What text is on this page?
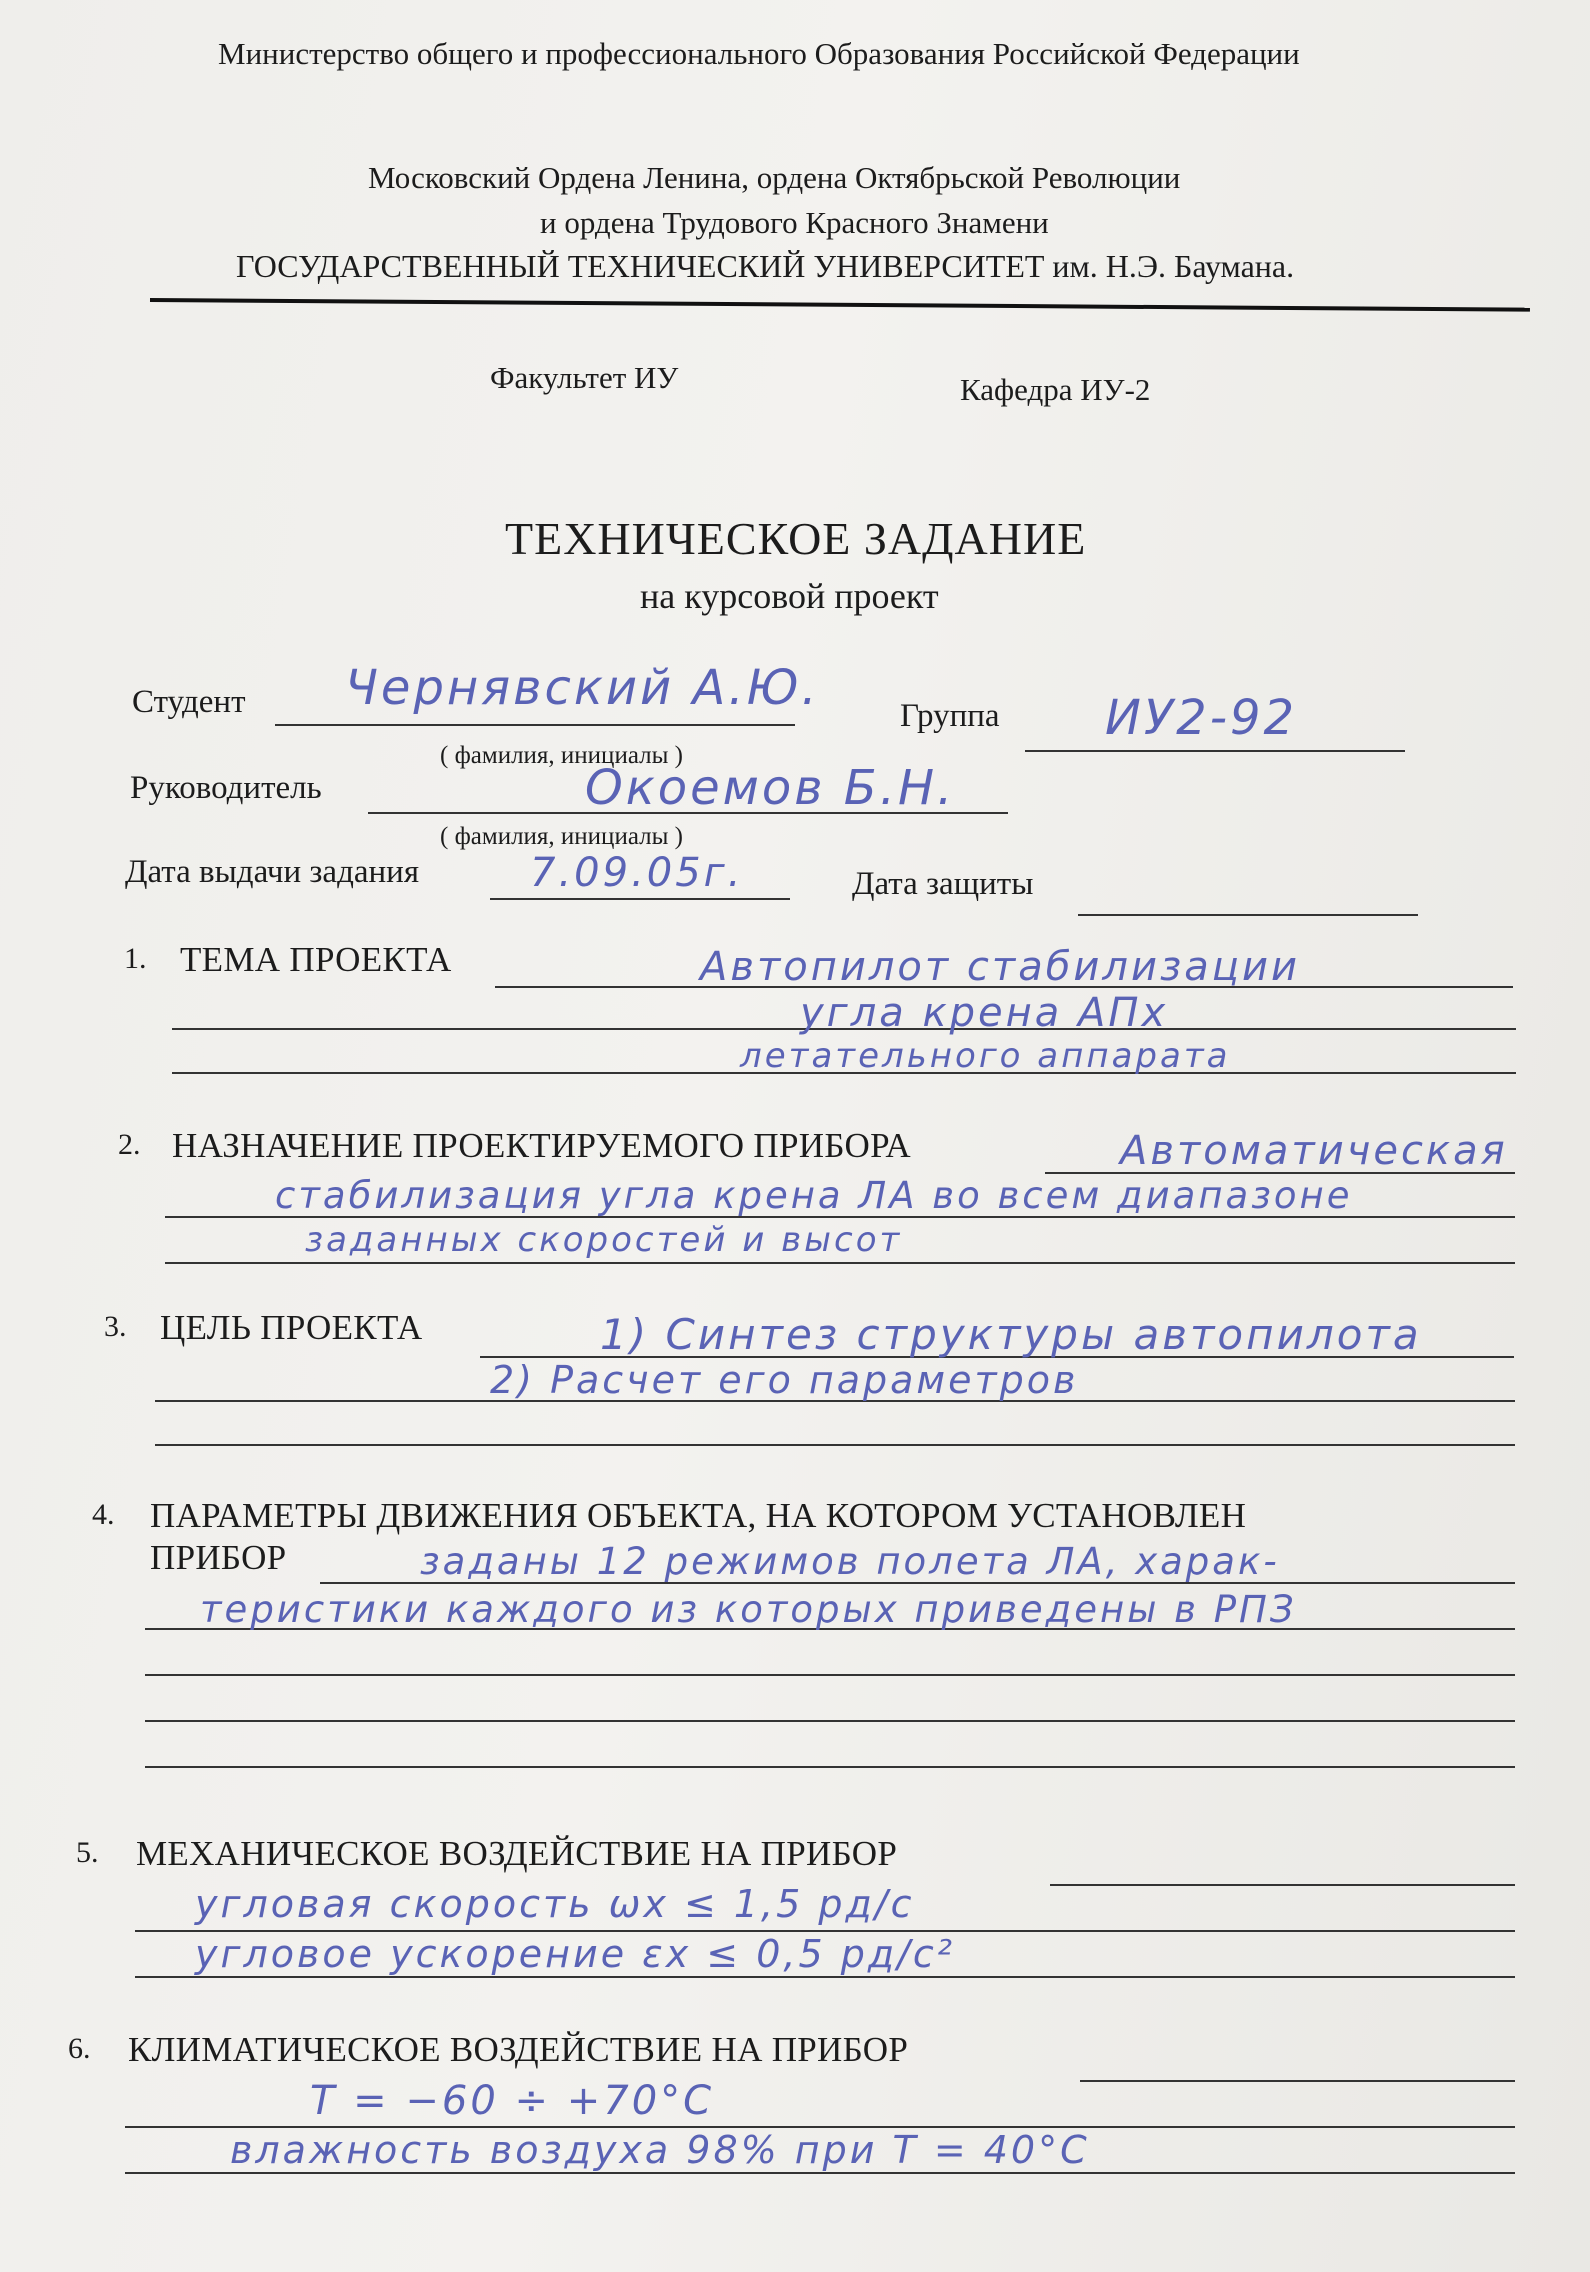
Министерство общего и профессионального Образования Российской Федерации
Московский Ордена Ленина, ордена Октябрьской Революции
и ордена Трудового Красного Знамени
ГОСУДАРСТВЕННЫЙ ТЕХНИЧЕСКИЙ УНИВЕРСИТЕТ им. Н.Э. Баумана.
Факультет ИУ	Кафедра ИУ-2
ТЕХНИЧЕСКОЕ ЗАДАНИЕ
на курсовой проект
Студент Чернявский А.Ю. Группа ИУ2-92
( фамилия, инициалы )
Руководитель	Окоемов Б.Н.
( фамилия, инициалы )
Дата выдачи задания	7.09.05г.	Дата защиты
1. ТЕМА ПРОЕКТА	Автопилот стабилизации
угла крена АПх
летательного аппарата
2. НАЗНАЧЕНИЕ ПРОЕКТИРУЕМОГО ПРИБОРА	Автоматическая
стабилизация угла крена ЛА во всем диапазоне
заданных скоростей и высот
3. ЦЕЛЬ ПРОЕКТА	1) Синтез структуры автопилота
2) Расчет его параметров
4. ПАРАМЕТРЫ ДВИЖЕНИЯ ОБЪЕКТА, НА КОТОРОМ УСТАНОВЛЕН
ПРИБОР	заданы 12 режимов полета ЛА, харак-
теристики каждого из которых приведены в РПЗ
5. МЕХАНИЧЕСКОЕ ВОЗДЕЙСТВИЕ НА ПРИБОР
угловая скорость ωx ≤ 1,5 рд/с
угловое ускорение εx ≤ 0,5 рд/с²
6. КЛИМАТИЧЕСКОЕ ВОЗДЕЙСТВИЕ НА ПРИБОР
T = −60 ÷ +70°C
влажность воздуха 98% при T = 40°C
